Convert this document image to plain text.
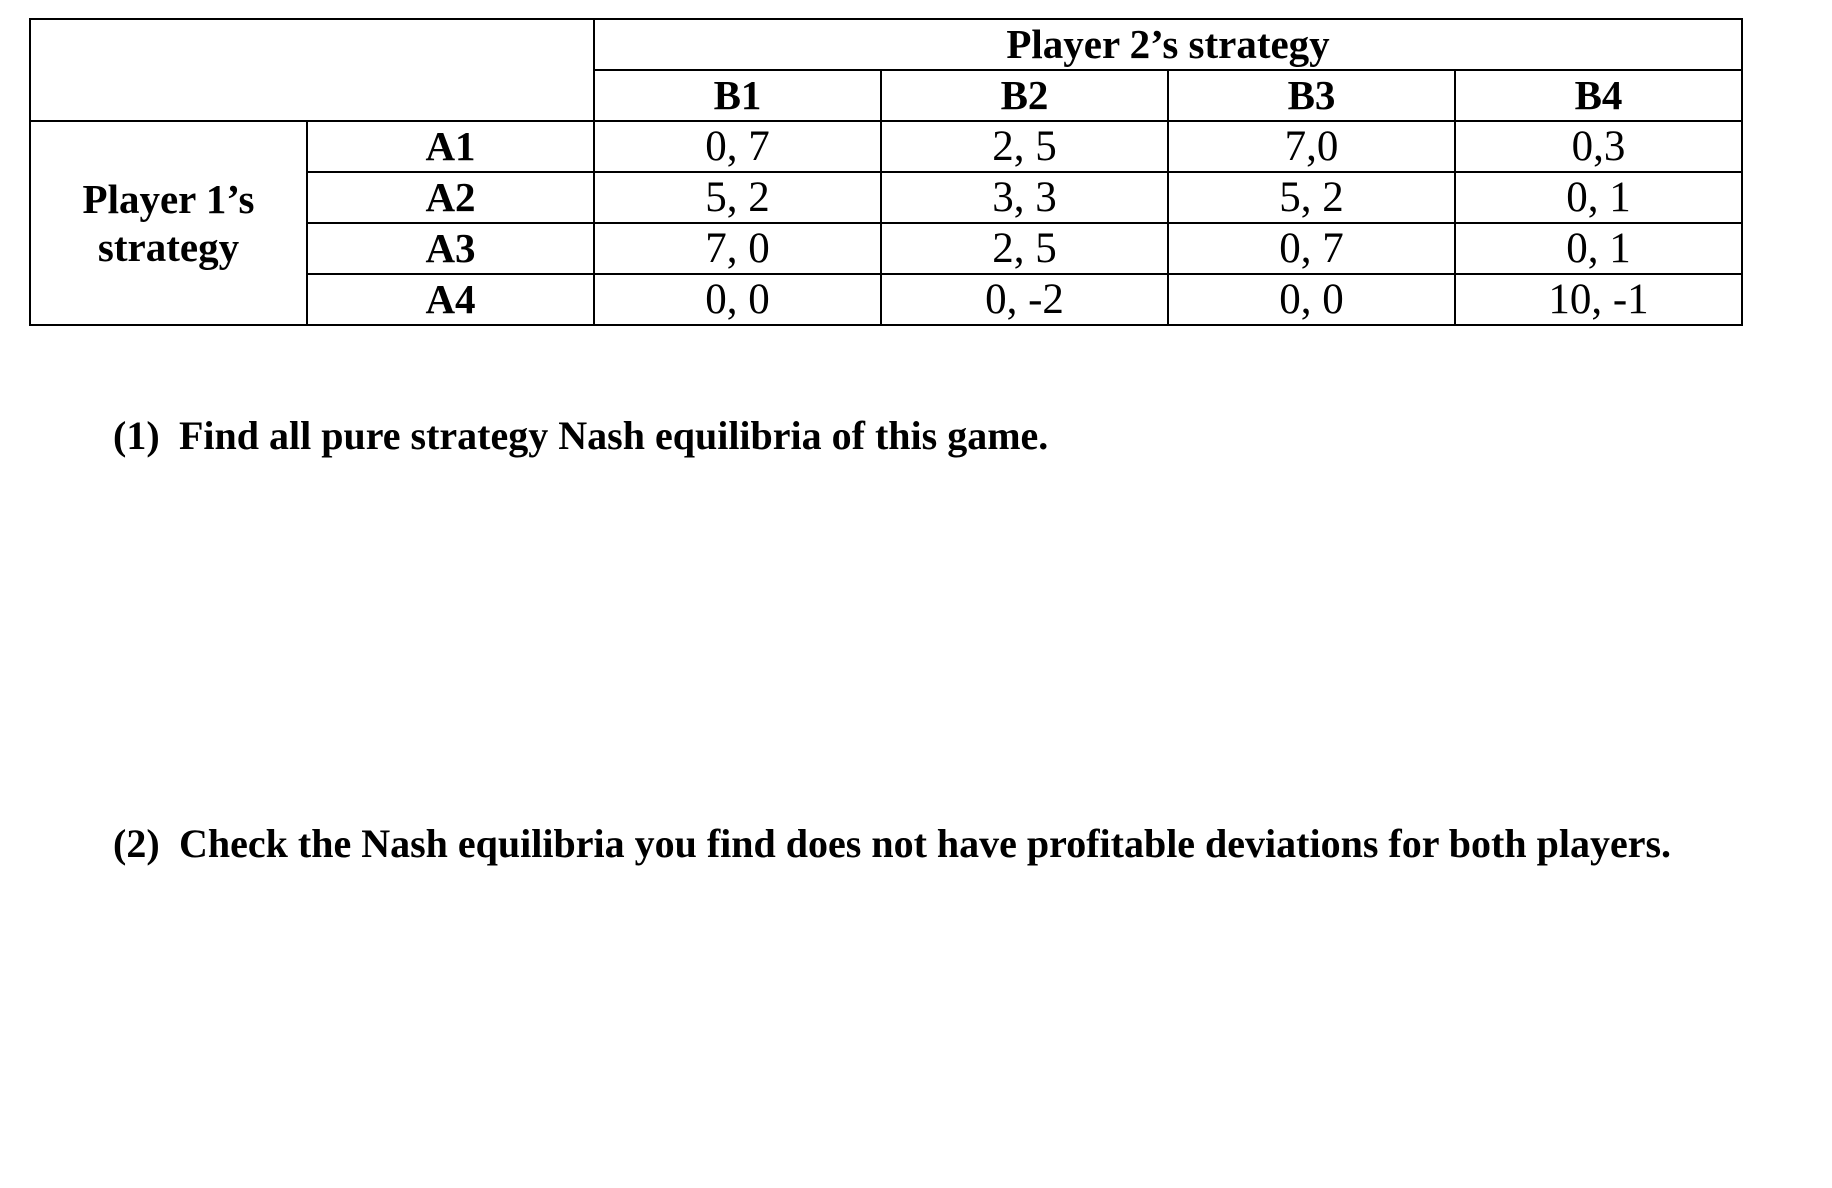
		Player 2’s strategy			
		B1	B2	B3	B4
Player 1’s strategy	A1	0, 7	2, 5	7,0	0,3
	A2	5, 2	3, 3	5, 2	0, 1
	A3	7, 0	2, 5	0, 7	0, 1
	A4	0, 0	0, -2	0, 0	10, -1

(1) Find all pure strategy Nash equilibria of this game.

(2) Check the Nash equilibria you find does not have profitable deviations for both players.
